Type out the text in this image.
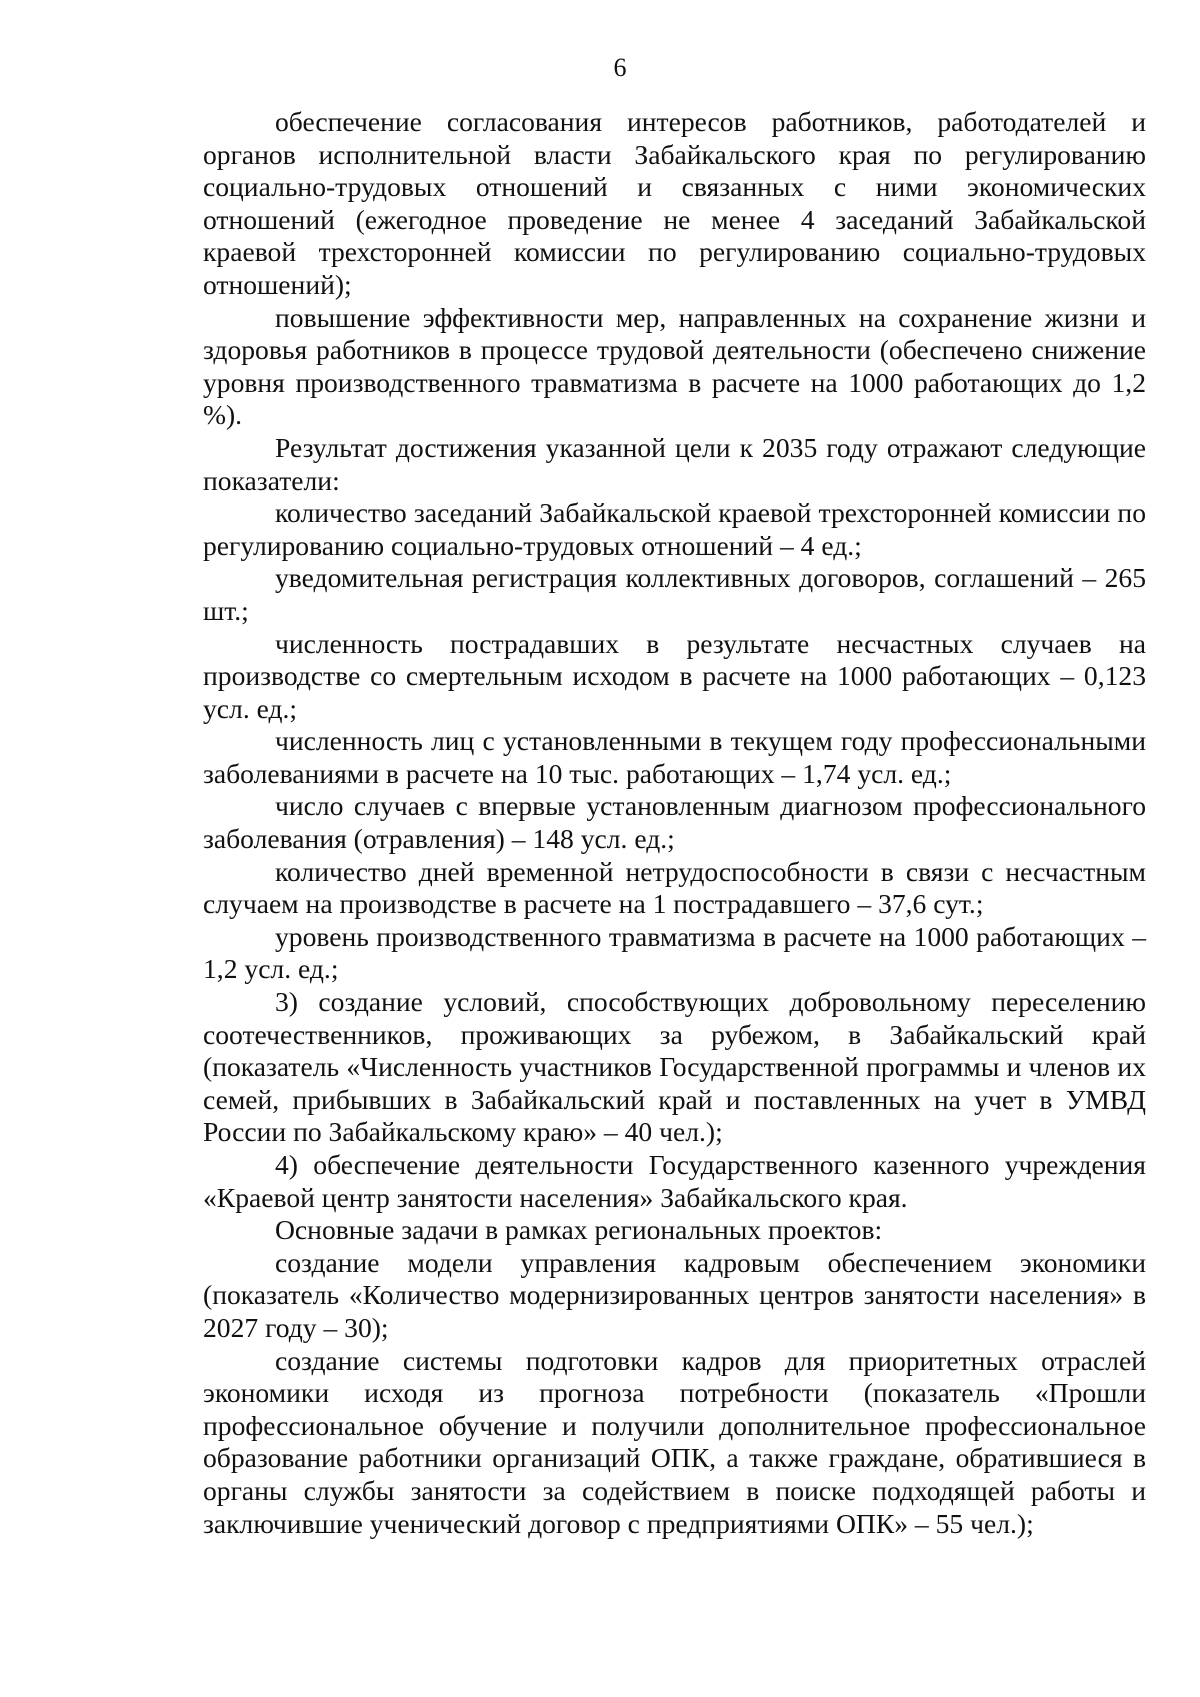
6

обеспечение согласования интересов работников, работодателей и органов исполнительной власти Забайкальского края по регулированию социально-трудовых отношений и связанных с ними экономических отношений (ежегодное проведение не менее 4 заседаний Забайкальской краевой трехсторонней комиссии по регулированию социально-трудовых отношений);

повышение эффективности мер, направленных на сохранение жизни и здоровья работников в процессе трудовой деятельности (обеспечено снижение уровня производственного травматизма в расчете на 1000 работающих до 1,2 %).

Результат достижения указанной цели к 2035 году отражают следующие показатели:

количество заседаний Забайкальской краевой трехсторонней комиссии по регулированию социально-трудовых отношений – 4 ед.;

уведомительная регистрация коллективных договоров, соглашений – 265 шт.;

численность пострадавших в результате несчастных случаев на производстве со смертельным исходом в расчете на 1000 работающих – 0,123 усл. ед.;

численность лиц с установленными в текущем году профессиональными заболеваниями в расчете на 10 тыс. работающих – 1,74 усл. ед.;

число случаев с впервые установленным диагнозом профессионального заболевания (отравления) – 148 усл. ед.;

количество дней временной нетрудоспособности в связи с несчастным случаем на производстве в расчете на 1 пострадавшего – 37,6 сут.;

уровень производственного травматизма в расчете на 1000 работающих – 1,2 усл. ед.;

3) создание условий, способствующих добровольному переселению соотечественников, проживающих за рубежом, в Забайкальский край (показатель «Численность участников Государственной программы и членов их семей, прибывших в Забайкальский край и поставленных на учет в УМВД России по Забайкальскому краю» – 40 чел.);

4) обеспечение деятельности Государственного казенного учреждения «Краевой центр занятости населения» Забайкальского края.

Основные задачи в рамках региональных проектов:

создание модели управления кадровым обеспечением экономики (показатель «Количество модернизированных центров занятости населения» в 2027 году – 30);

создание системы подготовки кадров для приоритетных отраслей экономики исходя из прогноза потребности (показатель «Прошли профессиональное обучение и получили дополнительное профессиональное образование работники организаций ОПК, а также граждане, обратившиеся в органы службы занятости за содействием в поиске подходящей работы и заключившие ученический договор с предприятиями ОПК» – 55 чел.);
